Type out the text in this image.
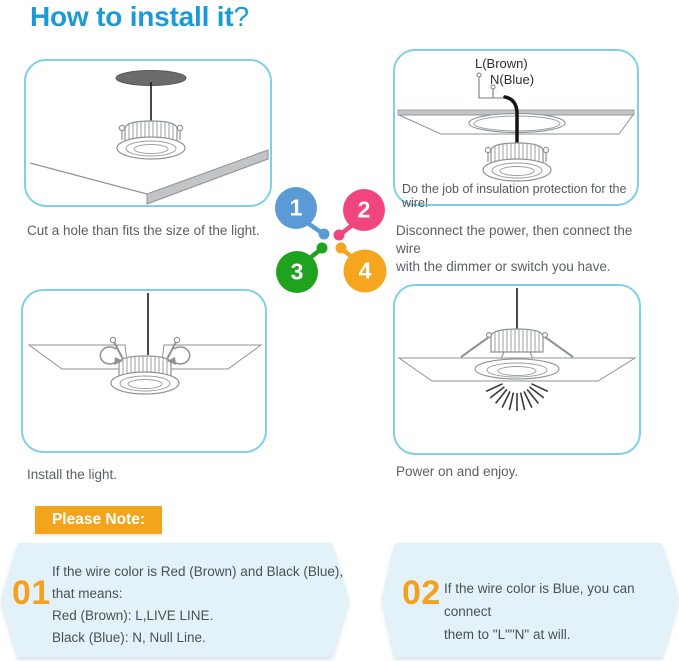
How to install it?
L(Brown)
N(Blue)
Do the job of insulation protection for the wire!
Cut a hole than fits the size of the light.	Disconnect the power, then connect the wire
with the dimmer or switch you have.
1 2
3 4
Install the light.	Power on and enjoy.
Please Note:
01
If the wire color is Red (Brown) and Black (Blue),
that means:
Red (Brown): L,LIVE LINE.
Black (Blue): N, Null Line.
02 If the wire color is Blue, you can connect
them to "L""N" at will.
